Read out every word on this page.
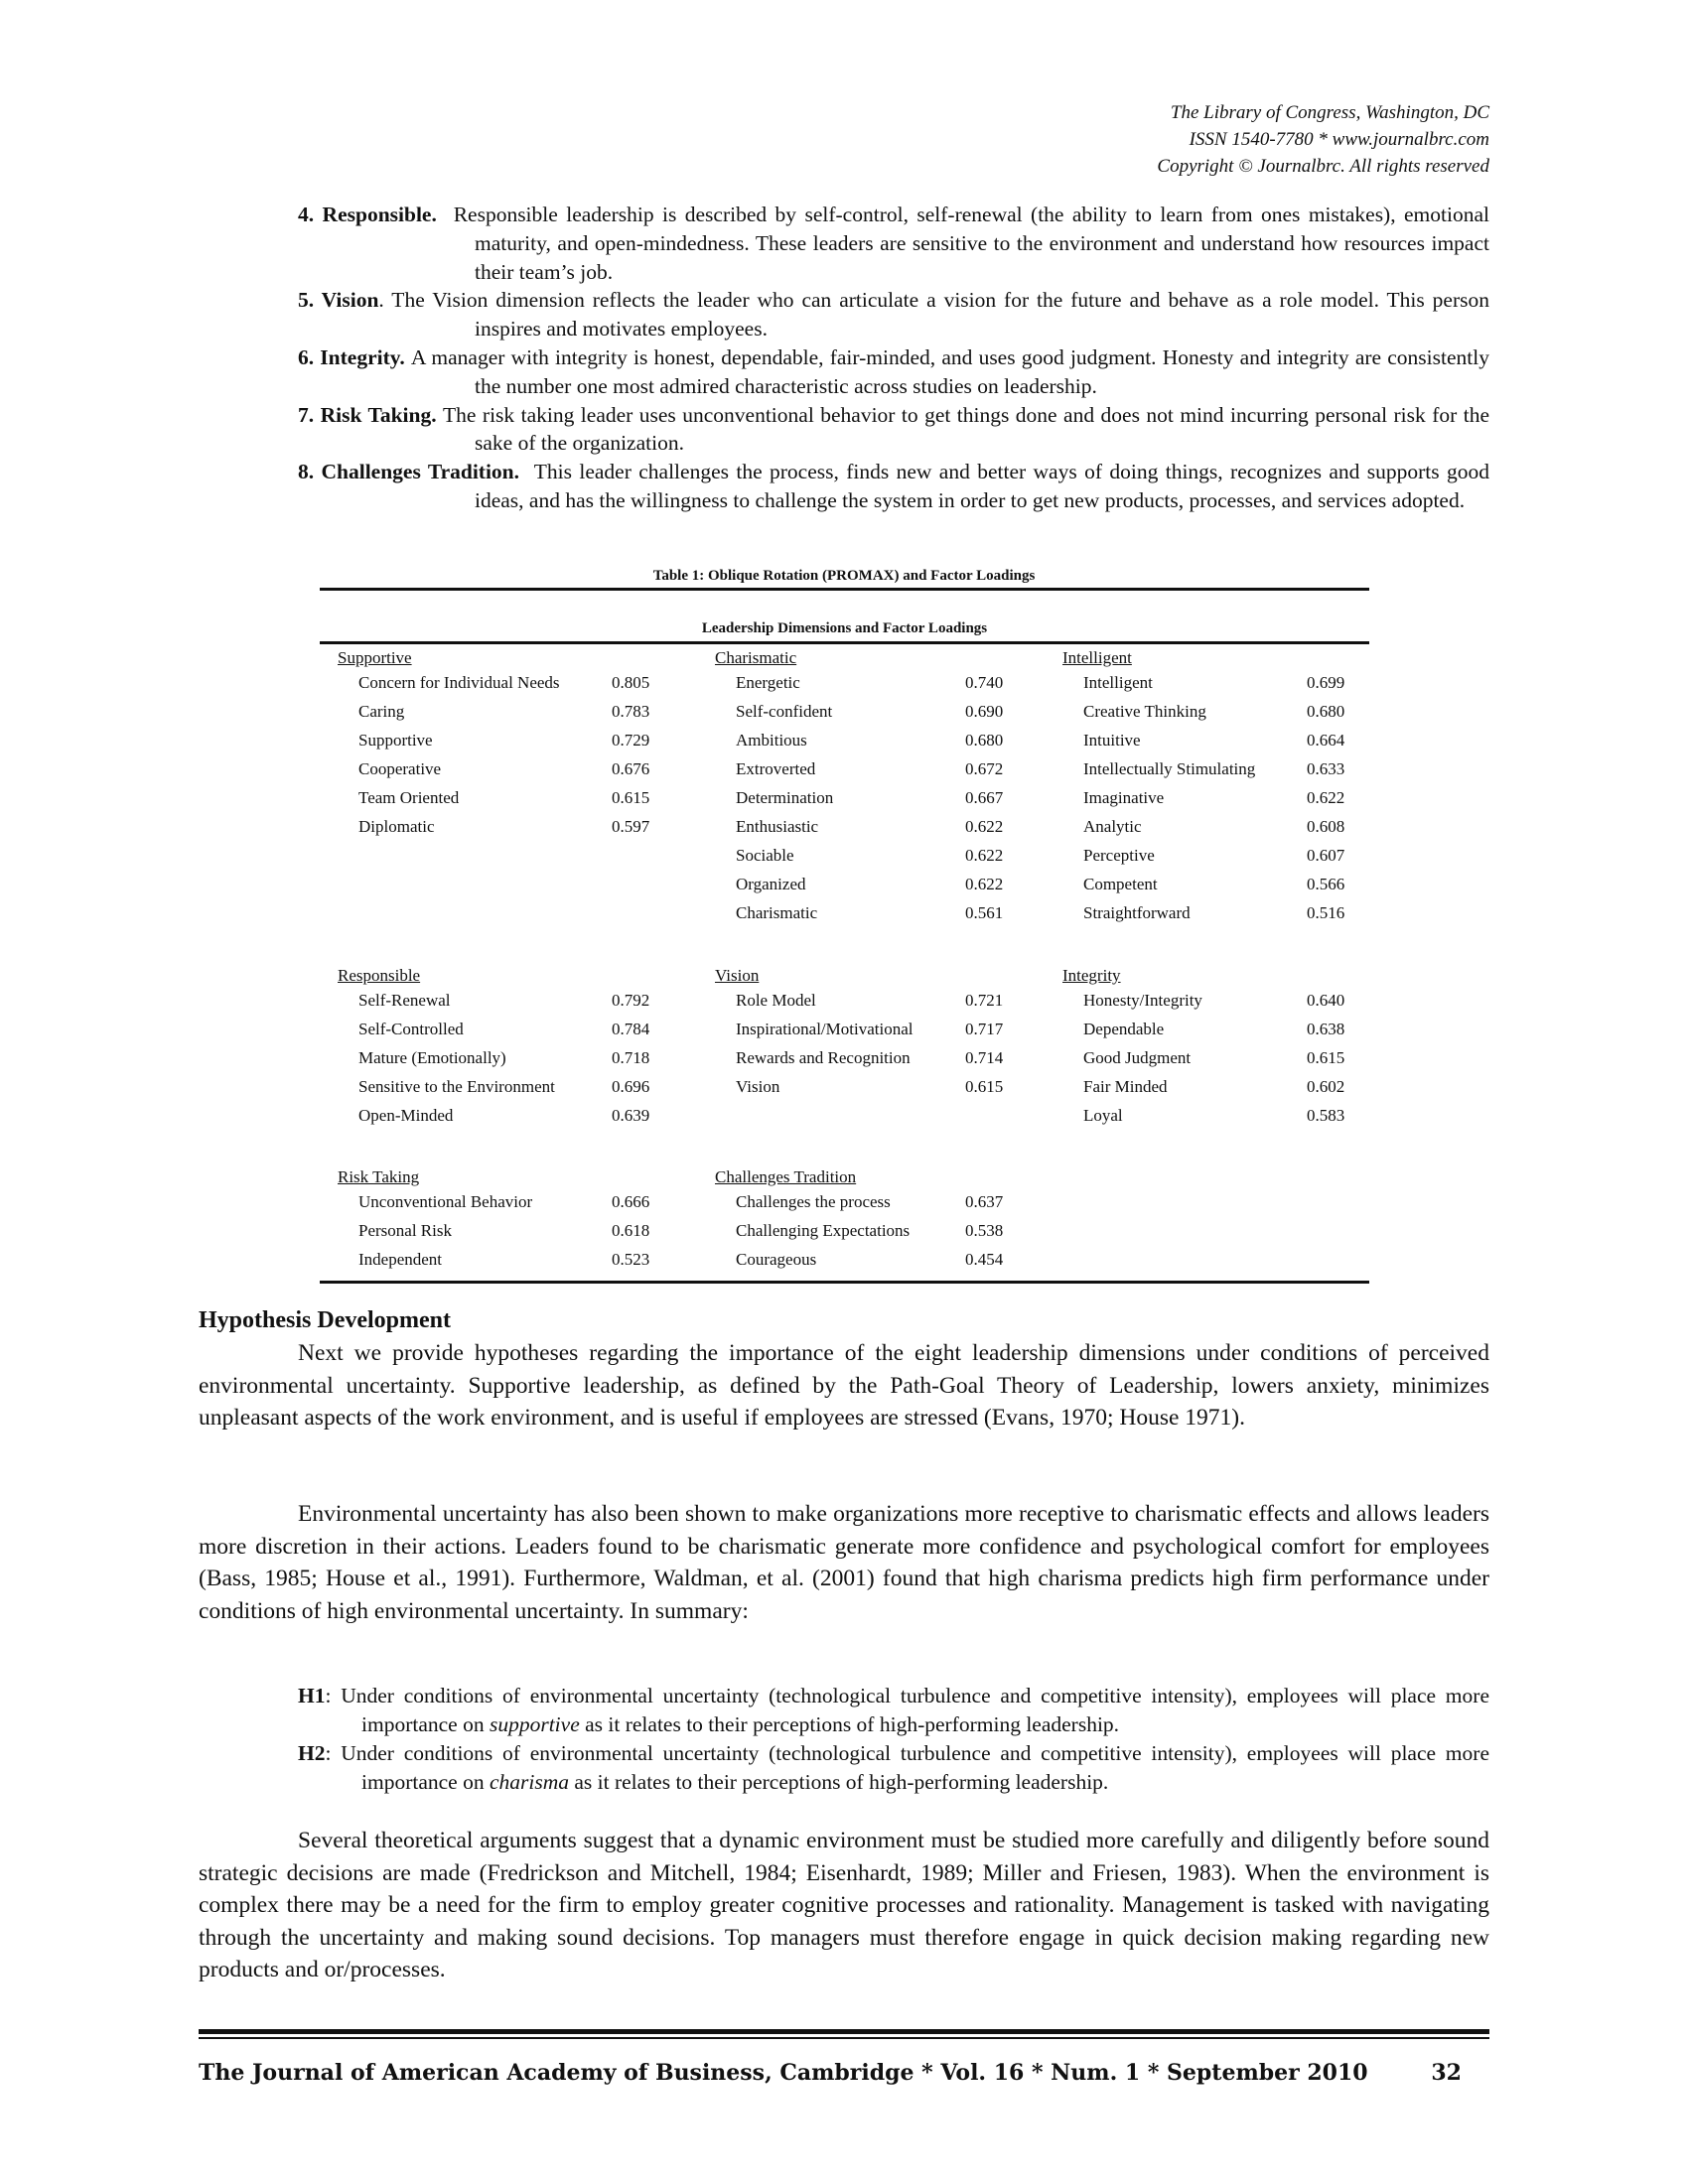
The Library of Congress, Washington, DC
ISSN 1540-7780 * www.journalbrc.com
Copyright © Journalbrc. All rights reserved
4. Responsible. Responsible leadership is described by self-control, self-renewal (the ability to learn from ones mistakes), emotional maturity, and open-mindedness. These leaders are sensitive to the environment and understand how resources impact their team’s job.
5. Vision. The Vision dimension reflects the leader who can articulate a vision for the future and behave as a role model. This person inspires and motivates employees.
6. Integrity. A manager with integrity is honest, dependable, fair-minded, and uses good judgment. Honesty and integrity are consistently the number one most admired characteristic across studies on leadership.
7. Risk Taking. The risk taking leader uses unconventional behavior to get things done and does not mind incurring personal risk for the sake of the organization.
8. Challenges Tradition. This leader challenges the process, finds new and better ways of doing things, recognizes and supports good ideas, and has the willingness to challenge the system in order to get new products, processes, and services adopted.
Table 1: Oblique Rotation (PROMAX) and Factor Loadings
Leadership Dimensions and Factor Loadings
Supportive
Concern for Individual Needs	0.805
Caring	0.783
Supportive	0.729
Cooperative	0.676
Team Oriented	0.615
Diplomatic	0.597
Charismatic
Energetic	0.740
Self-confident	0.690
Ambitious	0.680
Extroverted	0.672
Determination	0.667
Enthusiastic	0.622
Sociable	0.622
Organized	0.622
Charismatic	0.561
Intelligent
Intelligent	0.699
Creative Thinking	0.680
Intuitive	0.664
Intellectually Stimulating	0.633
Imaginative	0.622
Analytic	0.608
Perceptive	0.607
Competent	0.566
Straightforward	0.516
Responsible
Self-Renewal	0.792
Self-Controlled	0.784
Mature (Emotionally)	0.718
Sensitive to the Environment	0.696
Open-Minded	0.639
Vision
Role Model	0.721
Inspirational/Motivational	0.717
Rewards and Recognition	0.714
Vision	0.615
Integrity
Honesty/Integrity	0.640
Dependable	0.638
Good Judgment	0.615
Fair Minded	0.602
Loyal	0.583
Risk Taking
Unconventional Behavior	0.666
Personal Risk	0.618
Independent	0.523
Challenges Tradition
Challenges the process	0.637
Challenging Expectations	0.538
Courageous	0.454
Hypothesis Development
Next we provide hypotheses regarding the importance of the eight leadership dimensions under conditions of perceived environmental uncertainty. Supportive leadership, as defined by the Path-Goal Theory of Leadership, lowers anxiety, minimizes unpleasant aspects of the work environment, and is useful if employees are stressed (Evans, 1970; House 1971).
Environmental uncertainty has also been shown to make organizations more receptive to charismatic effects and allows leaders more discretion in their actions. Leaders found to be charismatic generate more confidence and psychological comfort for employees (Bass, 1985; House et al., 1991). Furthermore, Waldman, et al. (2001) found that high charisma predicts high firm performance under conditions of high environmental uncertainty. In summary:
H1: Under conditions of environmental uncertainty (technological turbulence and competitive intensity), employees will place more importance on supportive as it relates to their perceptions of high-performing leadership.
H2: Under conditions of environmental uncertainty (technological turbulence and competitive intensity), employees will place more importance on charisma as it relates to their perceptions of high-performing leadership.
Several theoretical arguments suggest that a dynamic environment must be studied more carefully and diligently before sound strategic decisions are made (Fredrickson and Mitchell, 1984; Eisenhardt, 1989; Miller and Friesen, 1983). When the environment is complex there may be a need for the firm to employ greater cognitive processes and rationality. Management is tasked with navigating through the uncertainty and making sound decisions. Top managers must therefore engage in quick decision making regarding new products and or/processes.
The Journal of American Academy of Business, Cambridge * Vol. 16 * Num. 1 * September 2010	32
